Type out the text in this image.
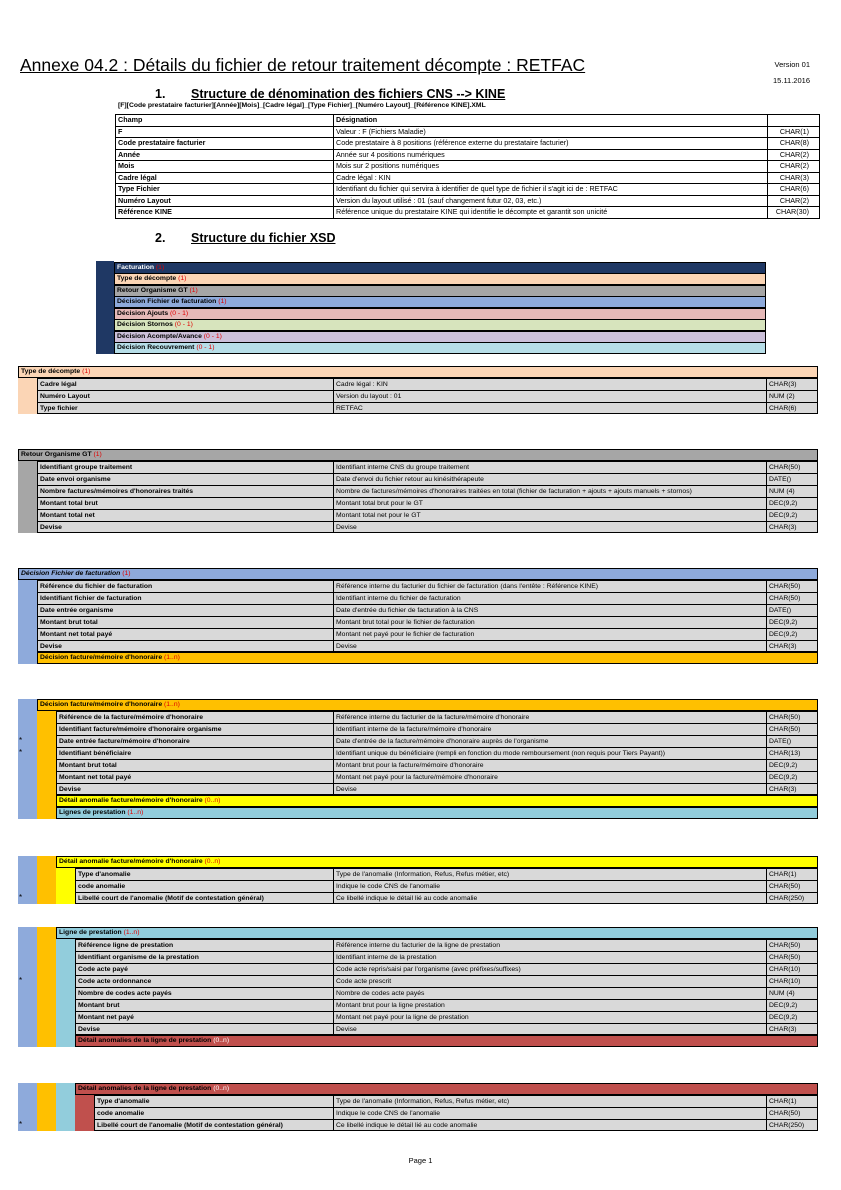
Annexe 04.2 : Détails du fichier de retour traitement décompte : RETFAC	Version 01
15.11.2016
1. Structure de dénomination des fichiers CNS --> KINE
[F][Code prestataire facturier][Année][Mois]_[Cadre légal]_[Type Fichier]_[Numéro Layout]_[Référence KINE].XML
Champ	Désignation	
F	Valeur : F (Fichiers Maladie)	CHAR(1)
Code prestataire facturier	Code prestataire à 8 positions (référence externe du prestataire facturier)	CHAR(8)
Année	Année sur 4 positions numériques	CHAR(2)
Mois	Mois sur 2 positions numériques	CHAR(2)
Cadre légal	Cadre légal : KIN	CHAR(3)
Type Fichier	Identifiant du fichier qui servira à identifier de quel type de fichier il s'agit ici de : RETFAC	CHAR(6)
Numéro Layout	Version du layout utilisé : 01 (sauf changement futur 02, 03, etc.)	CHAR(2)
Référence KINE	Référence unique du prestataire KINE qui identifie le décompte et garantit son unicité	CHAR(30)
2. Structure du fichier XSD
Facturation (1)
Type de décompte (1)
Retour Organisme GT (1)
Décision Fichier de facturation (1)
Décision Ajouts (0 - 1)
Décision Stornos (0 - 1)
Décision Acompte/Avance (0 - 1)
Décision Recouvrement (0 - 1)
Type de décompte (1)
Cadre légal	Cadre légal : KIN	CHAR(3)
Numéro Layout	Version du layout : 01	NUM (2)
Type fichier	RETFAC	CHAR(6)
Retour Organisme GT (1)
Identifiant groupe traitement	Identifiant interne CNS du groupe traitement	CHAR(50)
Date envoi organisme	Date d'envoi du fichier retour au kinésithérapeute	DATE()
Nombre factures/mémoires d'honoraires traités	Nombre de factures/mémoires d'honoraires traitées en total (fichier de facturation + ajouts + ajouts manuels + stornos)	NUM (4)
Montant total brut	Montant total brut pour le GT	DEC(9,2)
Montant total net	Montant total net pour le GT	DEC(9,2)
Devise	Devise	CHAR(3)
Décision Fichier de facturation (1)
Référence du fichier de facturation	Référence interne du facturier du fichier de facturation (dans l'entête : Référence KINE)	CHAR(50)
Identifiant fichier de facturation	Identifiant interne du fichier de facturation	CHAR(50)
Date entrée organisme	Date d'entrée du fichier de facturation à la CNS	DATE()
Montant brut total	Montant brut total pour le fichier de facturation	DEC(9,2)
Montant net total payé	Montant net payé pour le fichier de facturation	DEC(9,2)
Devise	Devise	CHAR(3)
Décision facture/mémoire d'honoraire (1..n)
Décision facture/mémoire d'honoraire (1..n)
Référence de la facture/mémoire d'honoraire	Référence interne du facturier de la facture/mémoire d'honoraire	CHAR(50)
Identifiant facture/mémoire d'honoraire organisme	Identifiant interne de la facture/mémoire d'honoraire	CHAR(50)
Date entrée facture/mémoire d'honoraire	Date d'entrée de la facture/mémoire d'honoraire auprès de l'organisme	DATE()
Identifiant bénéficiaire	Identifiant unique du bénéficiaire (rempli en fonction du mode remboursement (non requis pour Tiers Payant))	CHAR(13)
Montant brut total	Montant brut pour la facture/mémoire d'honoraire	DEC(9,2)
Montant net total payé	Montant net payé pour la facture/mémoire d'honoraire	DEC(9,2)
Devise	Devise	CHAR(3)
Détail anomalie facture/mémoire d'honoraire (0..n)
Lignes de prestation (1..n)
*
*
Détail anomalie facture/mémoire d'honoraire (0..n)
Type d'anomalie	Type de l'anomalie (Information, Refus, Refus métier, etc)	CHAR(1)
code anomalie	Indique le code CNS de l'anomalie	CHAR(50)
Libellé court de l'anomalie (Motif de contestation général)	Ce libellé indique le détail lié au code anomalie	CHAR(250)
*
Ligne de prestation (1..n)
Référence ligne de prestation	Référence interne du facturier de la ligne de prestation	CHAR(50)
Identifiant organisme de la prestation	Identifiant interne de la prestation	CHAR(50)
Code acte payé	Code acte repris/saisi par l'organisme (avec préfixes/suffixes)	CHAR(10)
Code acte ordonnance	Code acte prescrit	CHAR(10)
Nombre de codes acte payés	Nombre de codes acte payés	NUM (4)
Montant brut	Montant brut pour la ligne prestation	DEC(9,2)
Montant net payé	Montant net payé pour la ligne de prestation	DEC(9,2)
Devise	Devise	CHAR(3)
Détail anomalies de la ligne de prestation (0..n)
*
Détail anomalies de la ligne de prestation (0..n)
Type d'anomalie	Type de l'anomalie (Information, Refus, Refus métier, etc)	CHAR(1)
code anomalie	Indique le code CNS de l'anomalie	CHAR(50)
Libellé court de l'anomalie (Motif de contestation général)	Ce libellé indique le détail lié au code anomalie	CHAR(250)
*
Page 1
